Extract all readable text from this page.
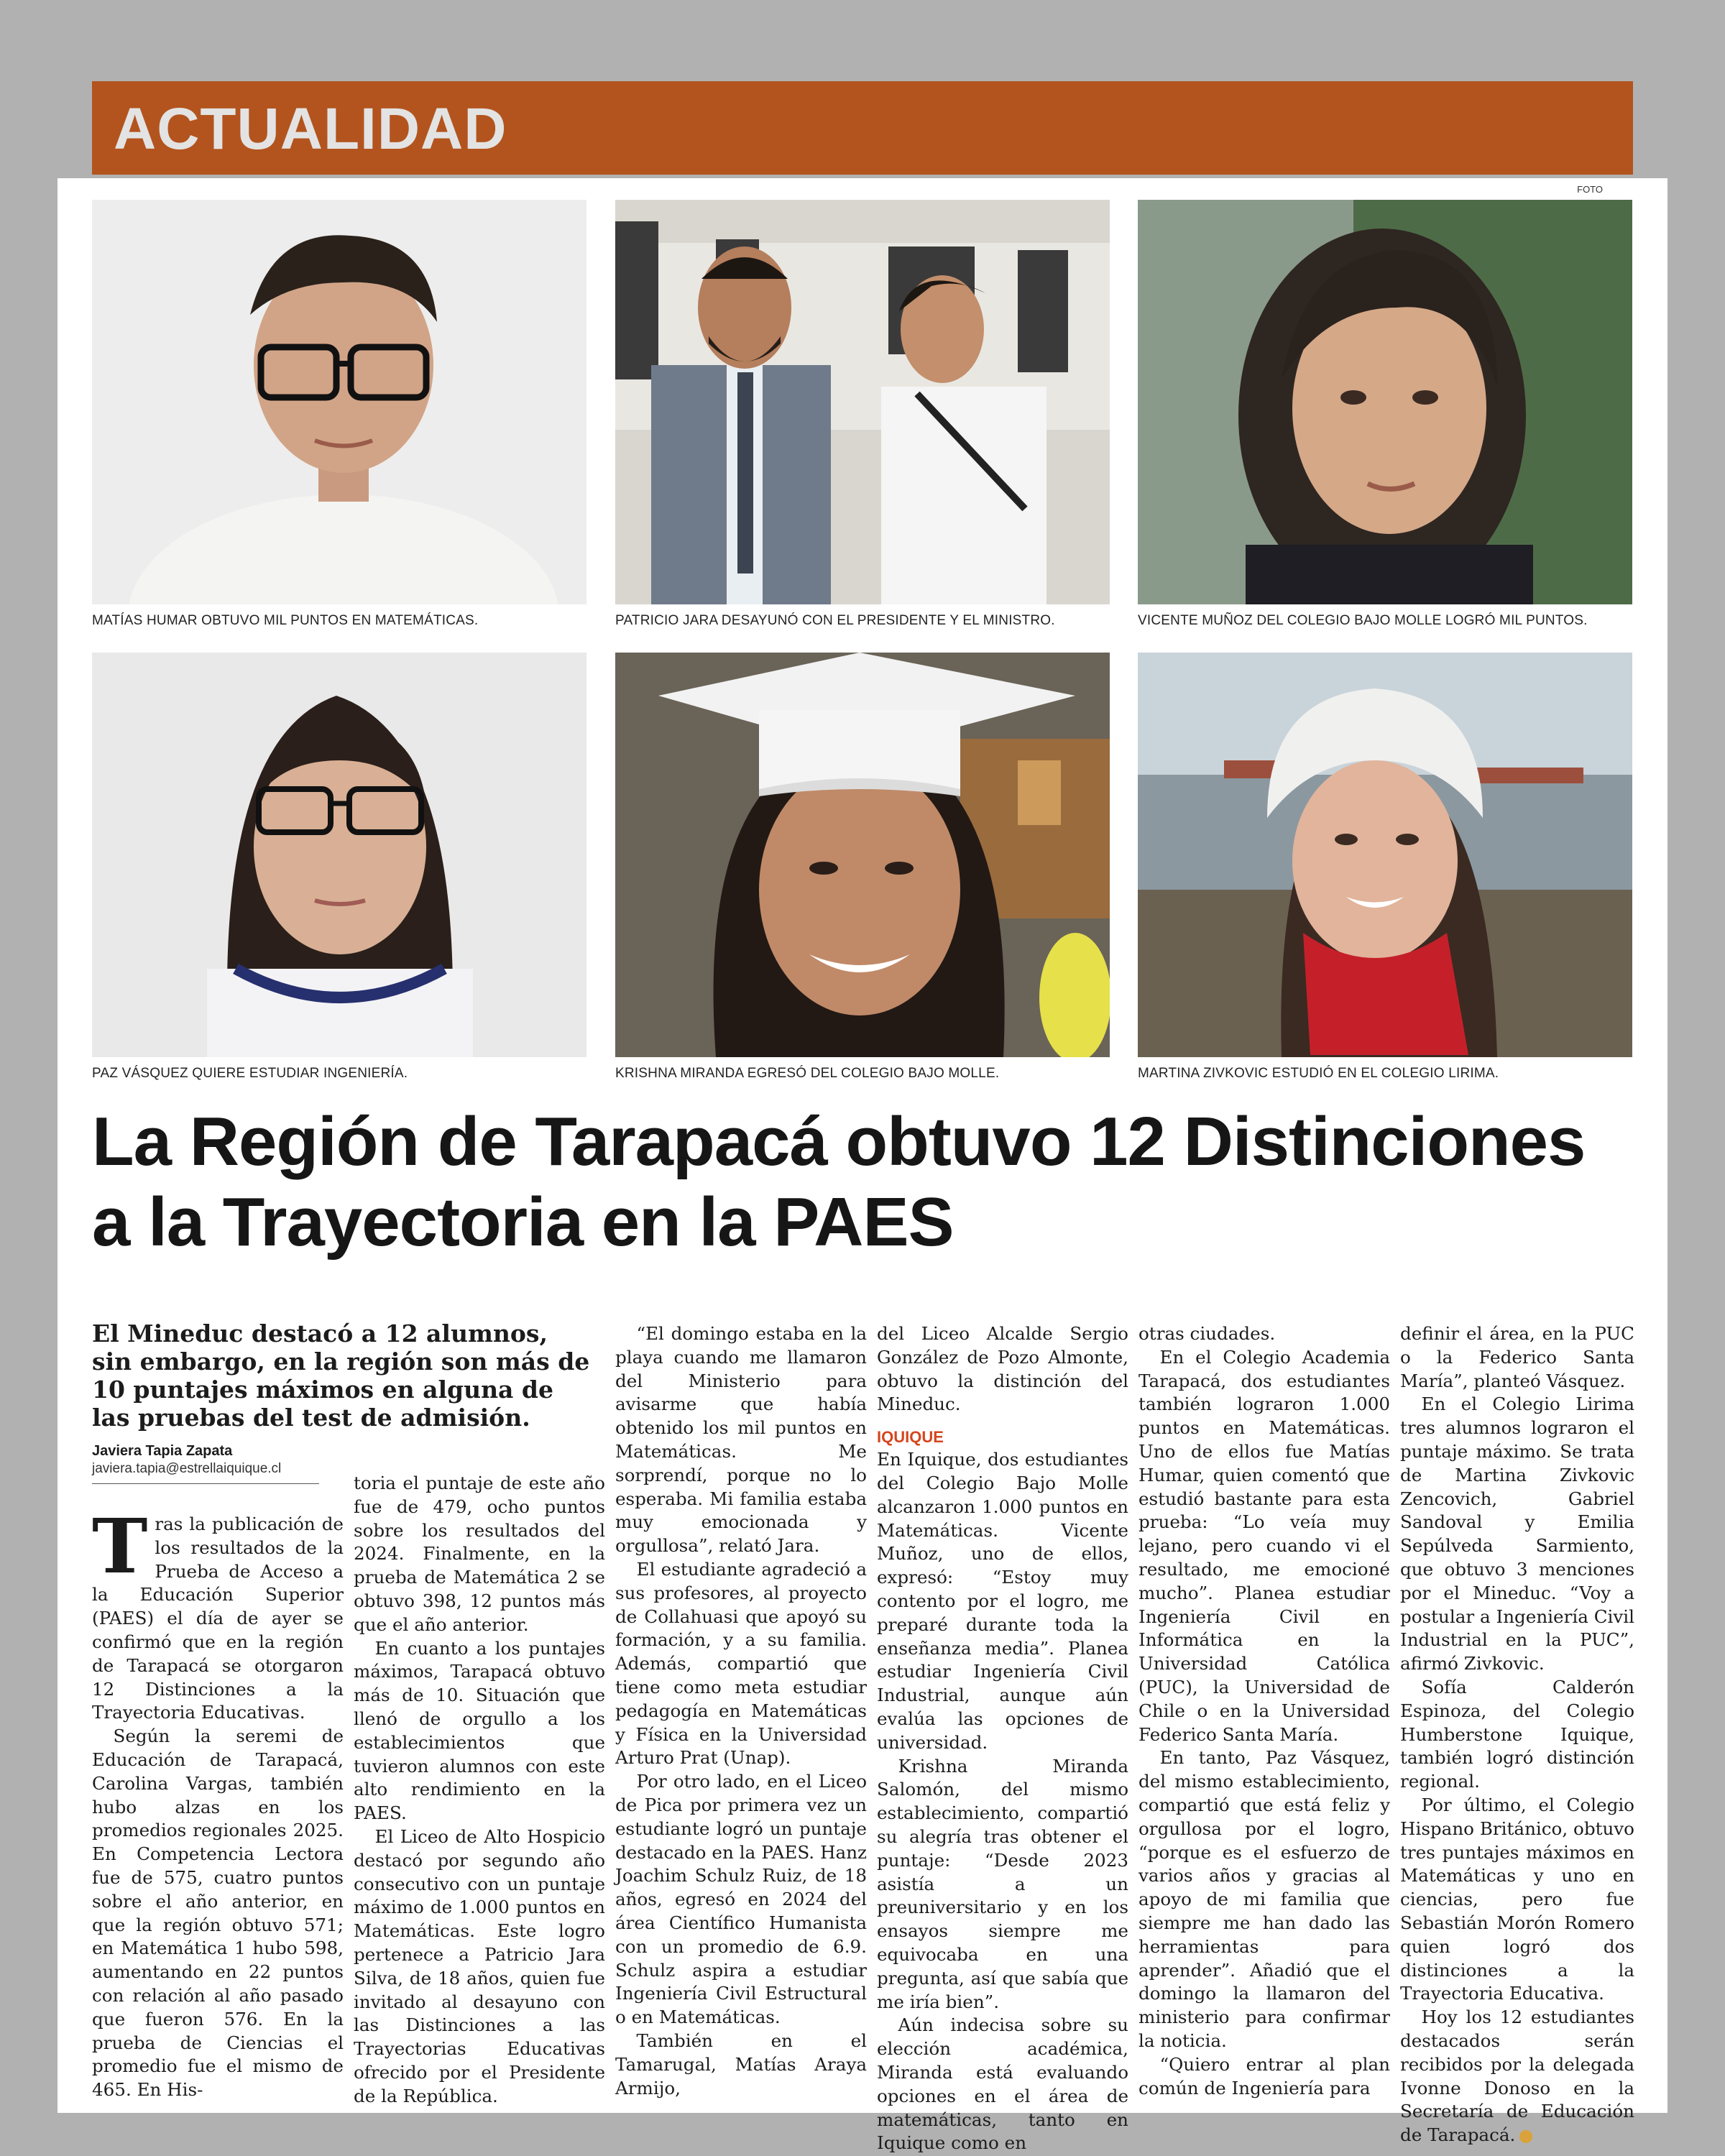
ACTUALIDAD
FOTO
MATÍAS HUMAR OBTUVO MIL PUNTOS EN MATEMÁTICAS.	PATRICIO JARA DESAYUNÓ CON EL PRESIDENTE Y EL MINISTRO.	VICENTE MUÑOZ DEL COLEGIO BAJO MOLLE LOGRÓ MIL PUNTOS.
PAZ VÁSQUEZ QUIERE ESTUDIAR INGENIERÍA.	KRISHNA MIRANDA EGRESÓ DEL COLEGIO BAJO MOLLE.	MARTINA ZIVKOVIC ESTUDIÓ EN EL COLEGIO LIRIMA.
La Región de Tarapacá obtuvo 12 Distinciones a la Trayectoria en la PAES
El Mineduc destacó a 12 alumnos, sin embargo, en la región son más de 10 puntajes máximos en alguna de las pruebas del test de admisión.
Javiera Tapia Zapata
javiera.tapia@estrellaiquique.cl

Tras la publicación de los resultados de la Prueba de Acceso a la Educación Superior (PAES) el día de ayer se confirmó que en la región de Tarapacá se otorgaron 12 Distinciones a la Trayectoria Educativas.

Según la seremi de Educación de Tarapacá, Carolina Vargas, también hubo alzas en los promedios regionales 2025. En Competencia Lectora fue de 575, cuatro puntos sobre el año anterior, en que la región obtuvo 571; en Matemática 1 hubo 598, aumentando en 22 puntos con relación al año pasado que fueron 576. En la prueba de Ciencias el promedio fue el mismo de 465. En His-

toria el puntaje de este año fue de 479, ocho puntos sobre los resultados del 2024. Finalmente, en la prueba de Matemática 2 se obtuvo 398, 12 puntos más que el año anterior.

En cuanto a los puntajes máximos, Tarapacá obtuvo más de 10. Situación que llenó de orgullo a los establecimientos que tuvieron alumnos con este alto rendimiento en la PAES.

El Liceo de Alto Hospicio destacó por segundo año consecutivo con un puntaje máximo de 1.000 puntos en Matemáticas. Este logro pertenece a Patricio Jara Silva, de 18 años, quien fue invitado al desayuno con las Distinciones a las Trayectorias Educativas ofrecido por el Presidente de la República.

“El domingo estaba en la playa cuando me llamaron del Ministerio para avisarme que había obtenido los mil puntos en Matemáticas. Me sorprendí, porque no lo esperaba. Mi familia estaba muy emocionada y orgullosa”, relató Jara.

El estudiante agradeció a sus profesores, al proyecto de Collahuasi que apoyó su formación, y a su familia. Además, compartió que tiene como meta estudiar pedagogía en Matemáticas y Física en la Universidad Arturo Prat (Unap).

Por otro lado, en el Liceo de Pica por primera vez un estudiante logró un puntaje destacado en la PAES. Hanz Joachim Schulz Ruiz, de 18 años, egresó en 2024 del área Científico Humanista con un promedio de 6.9. Schulz aspira a estudiar Ingeniería Civil Estructural o en Matemáticas.

También en el Tamarugal, Matías Araya Armijo,

del Liceo Alcalde Sergio González de Pozo Almonte, obtuvo la distinción del Mineduc.

IQUIQUE

En Iquique, dos estudiantes del Colegio Bajo Molle alcanzaron 1.000 puntos en Matemáticas. Vicente Muñoz, uno de ellos, expresó: “Estoy muy contento por el logro, me preparé durante toda la enseñanza media”. Planea estudiar Ingeniería Civil Industrial, aunque aún evalúa las opciones de universidad.

Krishna Miranda Salomón, del mismo establecimiento, compartió su alegría tras obtener el puntaje: “Desde 2023 asistía a un preuniversitario y en los ensayos siempre me equivocaba en una pregunta, así que sabía que me iría bien”.

Aún indecisa sobre su elección académica, Miranda está evaluando opciones en el área de matemáticas, tanto en Iquique como en

otras ciudades.

En el Colegio Academia Tarapacá, dos estudiantes también lograron 1.000 puntos en Matemáticas. Uno de ellos fue Matías Humar, quien comentó que estudió bastante para esta prueba: “Lo veía muy lejano, pero cuando vi el resultado, me emocioné mucho”. Planea estudiar Ingeniería Civil en Informática en la Universidad Católica (PUC), la Universidad de Chile o en la Universidad Federico Santa María.

En tanto, Paz Vásquez, del mismo establecimiento, compartió que está feliz y orgullosa por el logro, “porque es el esfuerzo de varios años y gracias al apoyo de mi familia que siempre me han dado las herramientas para aprender”. Añadió que el domingo la llamaron del ministerio para confirmar la noticia.

“Quiero entrar al plan común de Ingeniería para

definir el área, en la PUC o la Federico Santa María”, planteó Vásquez.

En el Colegio Lirima tres alumnos lograron el puntaje máximo. Se trata de Martina Zivkovic Zencovich, Gabriel Sandoval y Emilia Sepúlveda Sarmiento, que obtuvo 3 menciones por el Mineduc. “Voy a postular a Ingeniería Civil Industrial en la PUC”, afirmó Zivkovic.

Sofía Calderón Espinoza, del Colegio Humberstone Iquique, también logró distinción regional.

Por último, el Colegio Hispano Británico, obtuvo tres puntajes máximos en Matemáticas y uno en ciencias, pero fue Sebastián Morón Romero quien logró dos distinciones a la Trayectoria Educativa.

Hoy los 12 estudiantes destacados serán recibidos por la delegada Ivonne Donoso en la Secretaría de Educación de Tarapacá.
